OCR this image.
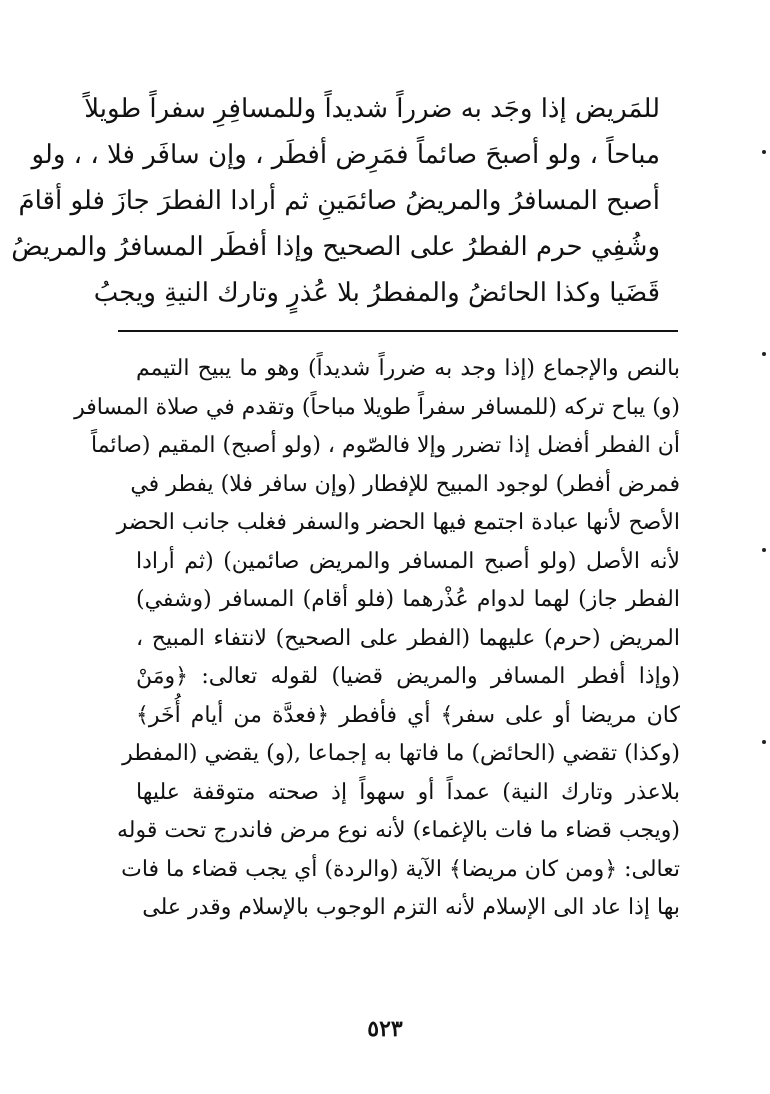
للمَريض إذا وجَد به ضرراً شديداً وللمسافِرِ سفراً طويلاً
مباحاً ، ولو أصبحَ صائماً فمَرِض أفطَر ، وإن سافَر فلا ، ، ولو
أصبح المسافرُ والمريضُ صائمَينِ ثم أرادا الفطرَ جازَ فلو أقامَ
وشُفِي حرم الفطرُ على الصحيح وإذا أفطَر المسافرُ والمريضُ
قَضَيا وكذا الحائضُ والمفطرُ بلا عُذرٍ وتارك النيةِ ويجبُ
بالنص والإجماع (إذا وجد به ضرراً شديداً) وهو ما يبيح التيمم
(و) يباح تركه (للمسافر سفراً طويلا مباحاً) وتقدم في صلاة المسافر
أن الفطر أفضل إذا تضرر وإلا فالصّوم ، (ولو أصبح) المقيم (صائماً
فمرض أفطر) لوجود المبيح للإفطار (وإن سافر فلا) يفطر في
الأصح لأنها عبادة اجتمع فيها الحضر والسفر فغلب جانب الحضر
لأنه الأصل (ولو أصبح المسافر والمريض صائمين) (ثم أرادا
الفطر جاز) لهما لدوام عُذْرهما (فلو أقام) المسافر (وشفي)
المريض (حرم) عليهما (الفطر على الصحيح) لانتفاء المبيح ،
(وإذا أفطر المسافر والمريض قضيا) لقوله تعالى: ﴿ومَنْ
كان مريضا أو على سفر﴾ أي فأفطر ﴿فعدَّة من أيام أُخَر﴾
(وكذا) تقضي (الحائض) ما فاتها به إجماعا ,(و) يقضي (المفطر
بلاعذر وتارك النية) عمداً أو سهواً إذ صحته متوقفة عليها
(ويجب قضاء ما فات بالإغماء) لأنه نوع مرض فاندرج تحت قوله
تعالى: ﴿ومن كان مريضا﴾ الآية (والردة) أي يجب قضاء ما فات
بها إذا عاد الى الإسلام لأنه التزم الوجوب بالإسلام وقدر على
٥٢٣
